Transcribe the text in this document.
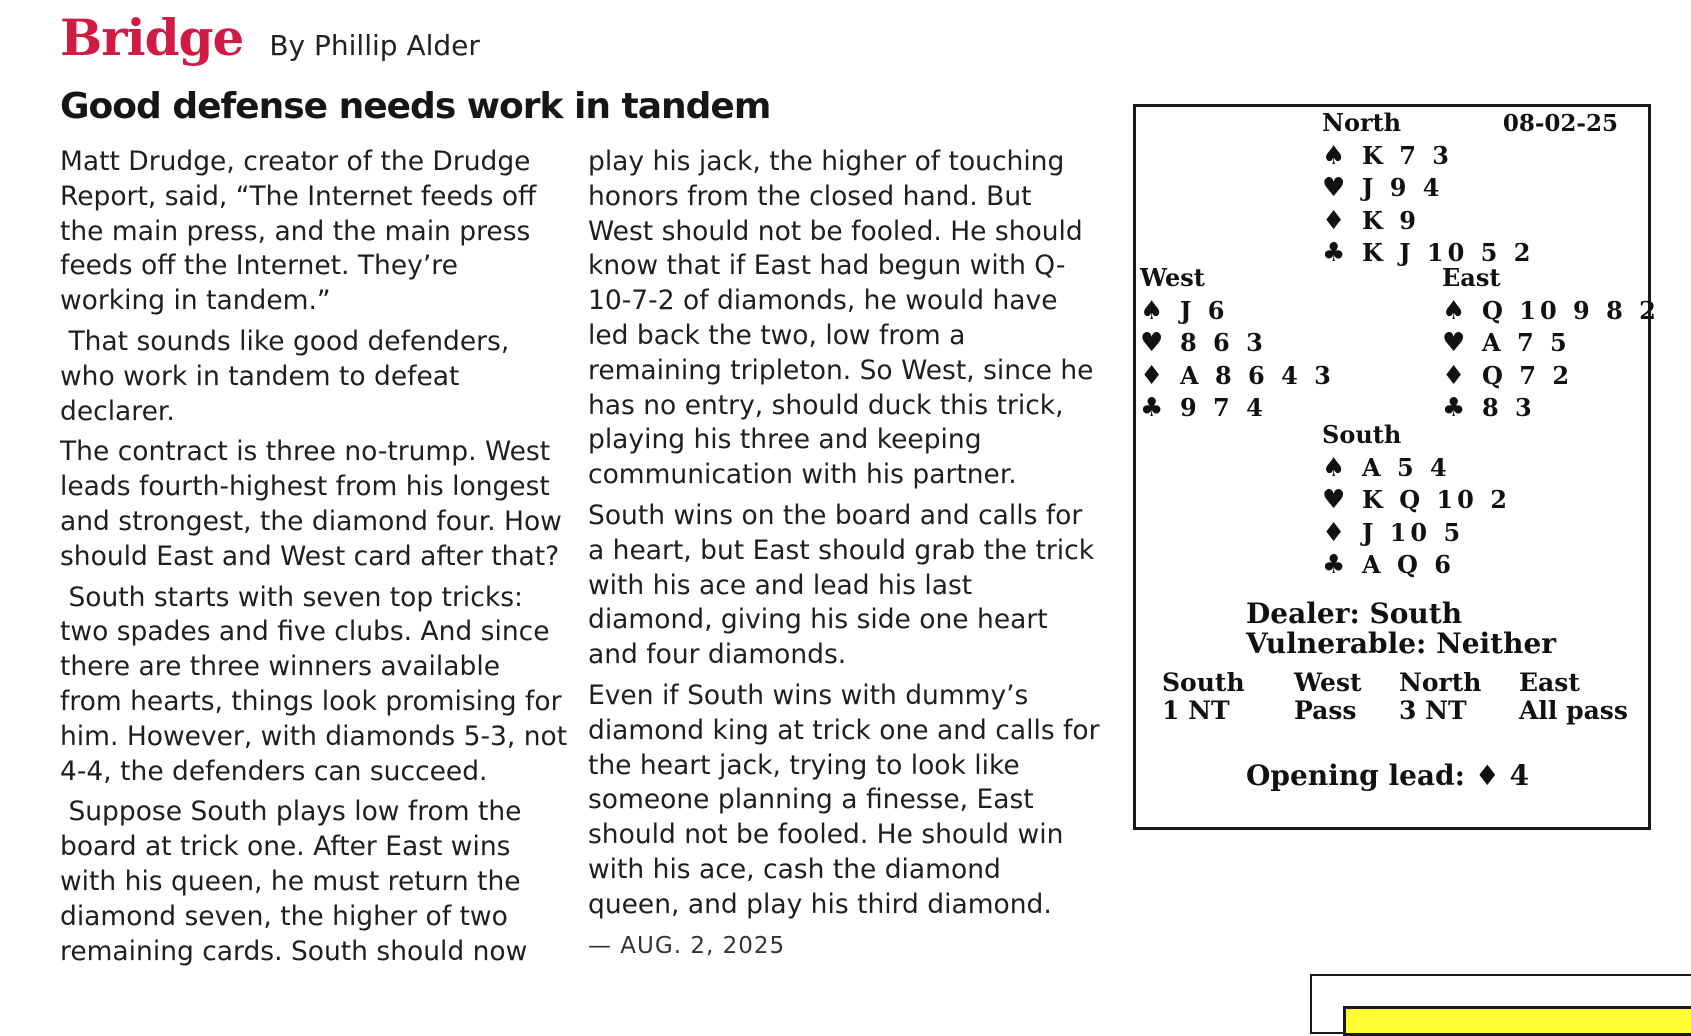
Bridge By Phillip Alder
Good defense needs work in tandem

Matt Drudge, creator of the Drudge Report, said, “The Internet feeds off the main press, and the main press feeds off the Internet. They’re working in tandem.”

That sounds like good defenders, who work in tandem to defeat declarer.

The contract is three no-trump. West leads fourth-highest from his longest and strongest, the diamond four. How should East and West card after that?

South starts with seven top tricks: two spades and five clubs. And since there are three winners available from hearts, things look promising for him. However, with diamonds 5-3, not 4-4, the defenders can succeed.

Suppose South plays low from the board at trick one. After East wins with his queen, he must return the diamond seven, the higher of two remaining cards. South should now

play his jack, the higher of touching honors from the closed hand. But West should not be fooled. He should know that if East had begun with Q-10-7-2 of diamonds, he would have led back the two, low from a remaining tripleton. So West, since he has no entry, should duck this trick, playing his three and keeping communication with his partner.

South wins on the board and calls for a heart, but East should grab the trick with his ace and lead his last diamond, giving his side one heart and four diamonds.

Even if South wins with dummy’s diamond king at trick one and calls for the heart jack, trying to look like someone planning a finesse, East should not be fooled. He should win with his ace, cash the diamond queen, and play his third diamond.

— AUG. 2, 2025
08-02-25
North
♠ K 7 3
♥ J 9 4
♦ K 9
♣ K J 10 5 2
West
♠ J 6
♥ 8 6 3
♦ A 8 6 4 3
♣ 9 7 4
East
♠ Q 10 9 8 2
♥ A 7 5
♦ Q 7 2
♣ 8 3
South
♠ A 5 4
♥ K Q 10 2
♦ J 10 5
♣ A Q 6
Dealer: South
Vulnerable: Neither
South	West	North	East
1 NT	Pass	3 NT	All pass
Opening lead: ♦ 4
